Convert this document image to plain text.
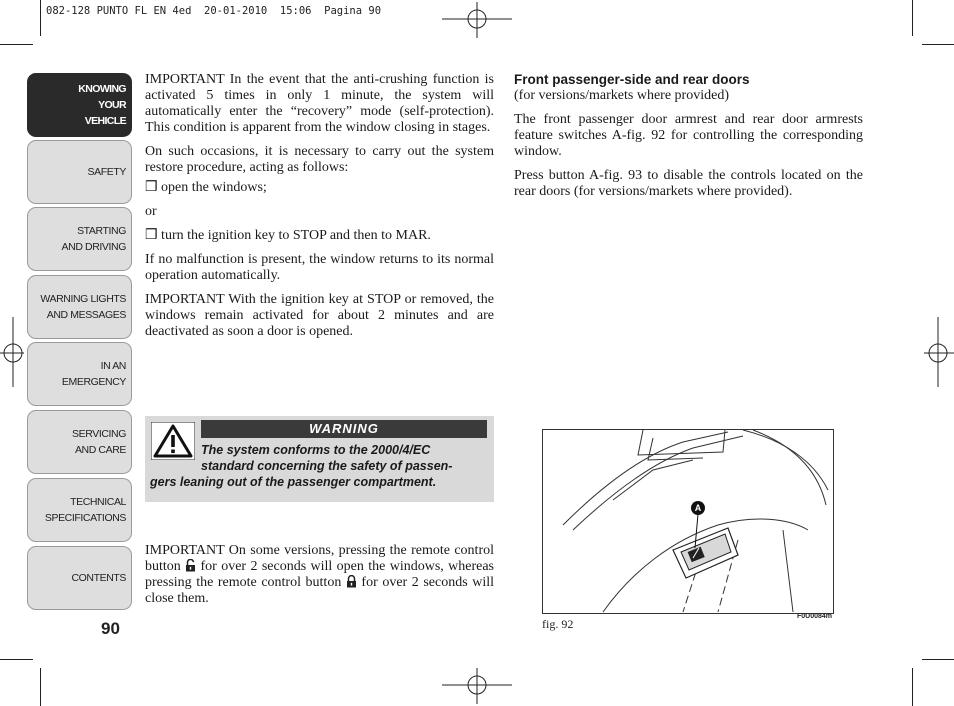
082-128 PUNTO FL EN 4ed  20-01-2010  15:06  Pagina 90
KNOWING
YOUR
VEHICLE
SAFETY
STARTING
AND DRIVING
WARNING LIGHTS
AND MESSAGES
IN AN
EMERGENCY
SERVICING
AND CARE
TECHNICAL
SPECIFICATIONS
CONTENTS
90

IMPORTANT In the event that the anti-crushing function is activated 5 times in only 1 minute, the system will automatically enter the “recovery” mode (self-protection). This condition is apparent from the window closing in stages.

On such occasions, it is necessary to carry out the system restore procedure, acting as follows:

❒ open the windows;

or

❒ turn the ignition key to STOP and then to MAR.

If no malfunction is present, the window returns to its normal operation automatically.

IMPORTANT With the ignition key at STOP or removed, the windows remain activated for about 2 minutes and are deactivated as soon a door is opened.

WARNING
The system conforms to the 2000/4/EC
standard concerning the safety of passen-
gers leaning out of the passenger compartment.

IMPORTANT On some versions, pressing the remote control button  for over 2 seconds will open the windows, whereas pressing the remote control button  for over 2 seconds will close them.

Front passenger-side and rear doors

(for versions/markets where provided)

The front passenger door armrest and rear door armrests feature switches A-fig. 92 for controlling the corresponding window.

Press button A-fig. 93 to disable the controls located on the rear doors (for versions/markets where provided).

A
fig. 92
F0U0084m
